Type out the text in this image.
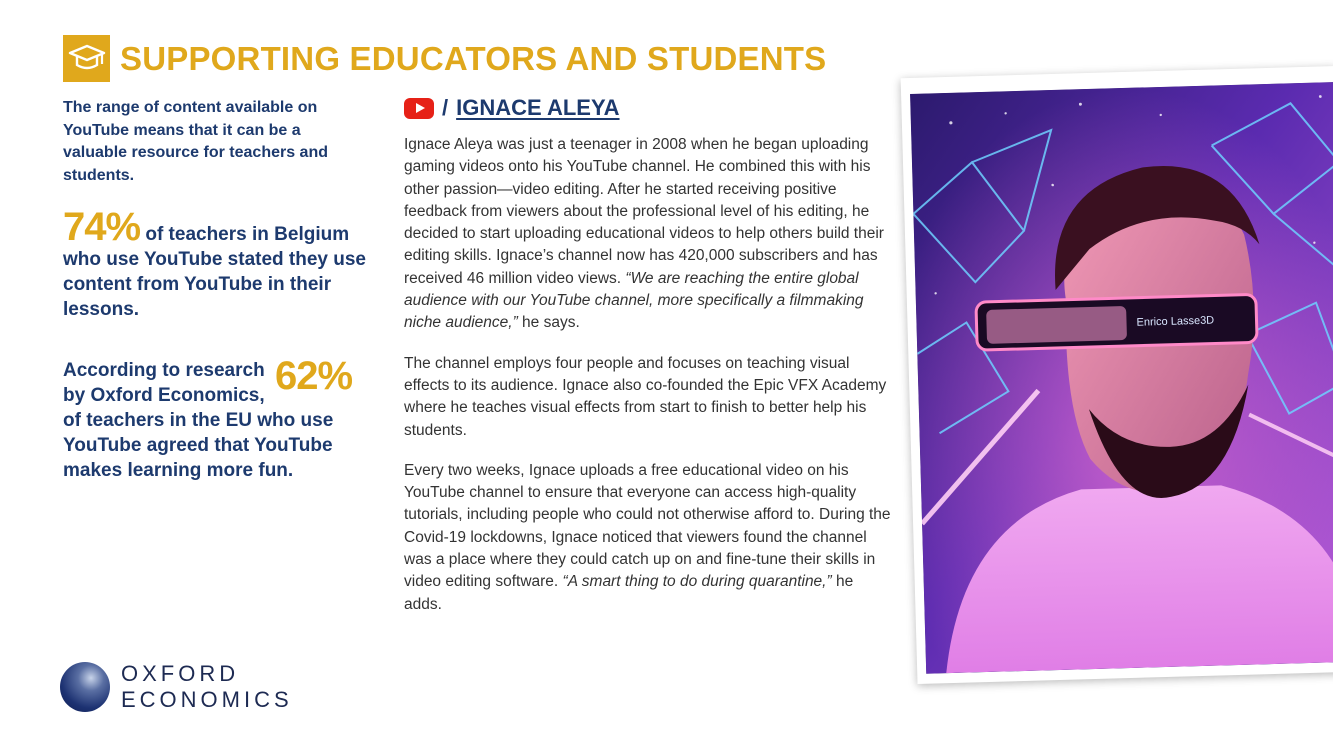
SUPPORTING EDUCATORS AND STUDENTS

The range of content available on YouTube means that it can be a valuable resource for teachers and students.

74% of teachers in Belgium who use YouTube stated they use content from YouTube in their lessons.
According to research by Oxford Economics, 62%
of teachers in the EU who use YouTube agreed that YouTube makes learning more fun.
/ IGNACE ALEYA

Ignace Aleya was just a teenager in 2008 when he began uploading gaming videos onto his YouTube channel. He combined this with his other passion—video editing. After he started receiving positive feedback from viewers about the professional level of his editing, he decided to start uploading educational videos to help others build their editing skills. Ignace’s channel now has 420,000 subscribers and has received 46 million video views. “We are reaching the entire global audience with our YouTube channel, more specifically a filmmaking niche audience,” he says.

The channel employs four people and focuses on teaching visual effects to its audience. Ignace also co-founded the Epic VFX Academy where he teaches visual effects from start to finish to better help his students.

Every two weeks, Ignace uploads a free educational video on his YouTube channel to ensure that everyone can access high-quality tutorials, including people who could not otherwise afford to. During the Covid-19 lockdowns, Ignace noticed that viewers found the channel was a place where they could catch up on and fine-tune their skills in video editing software. “A smart thing to do during quarantine,” he adds.

Enrico Lasse3D
OXFORD
ECONOMICS
